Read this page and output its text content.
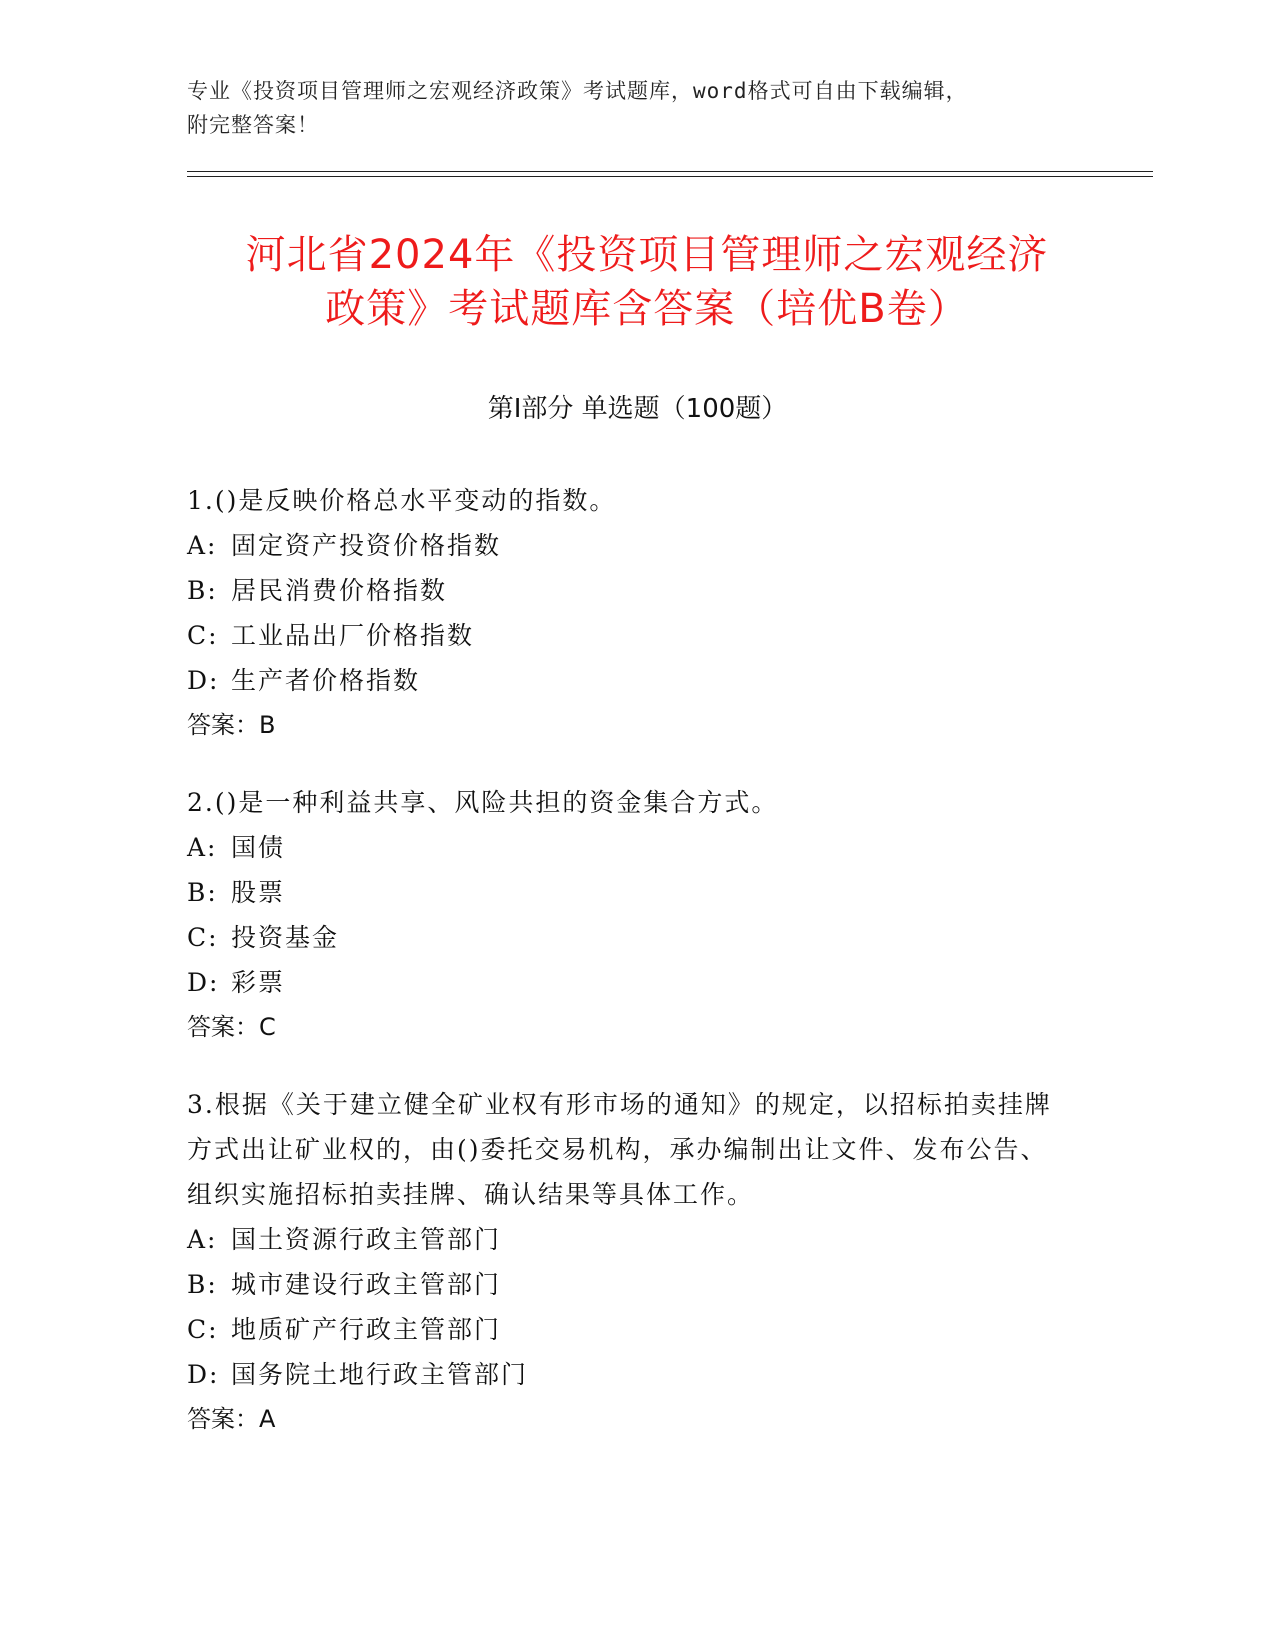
专业《投资项目管理师之宏观经济政策》考试题库，word格式可自由下载编辑，
附完整答案！
河北省2024年《投资项目管理师之宏观经济
政策》考试题库含答案（培优B卷）
第Ⅰ部分 单选题（100题）

1.()是反映价格总水平变动的指数。

A: 固定资产投资价格指数

B: 居民消费价格指数

C: 工业品出厂价格指数

D: 生产者价格指数

答案：B

2.()是一种利益共享、风险共担的资金集合方式。

A: 国债

B: 股票

C: 投资基金

D: 彩票

答案：C

3.根据《关于建立健全矿业权有形市场的通知》的规定，以招标拍卖挂牌方式出让矿业权的，由()委托交易机构，承办编制出让文件、发布公告、组织实施招标拍卖挂牌、确认结果等具体工作。

A: 国土资源行政主管部门

B: 城市建设行政主管部门

C: 地质矿产行政主管部门

D: 国务院土地行政主管部门

答案：A
